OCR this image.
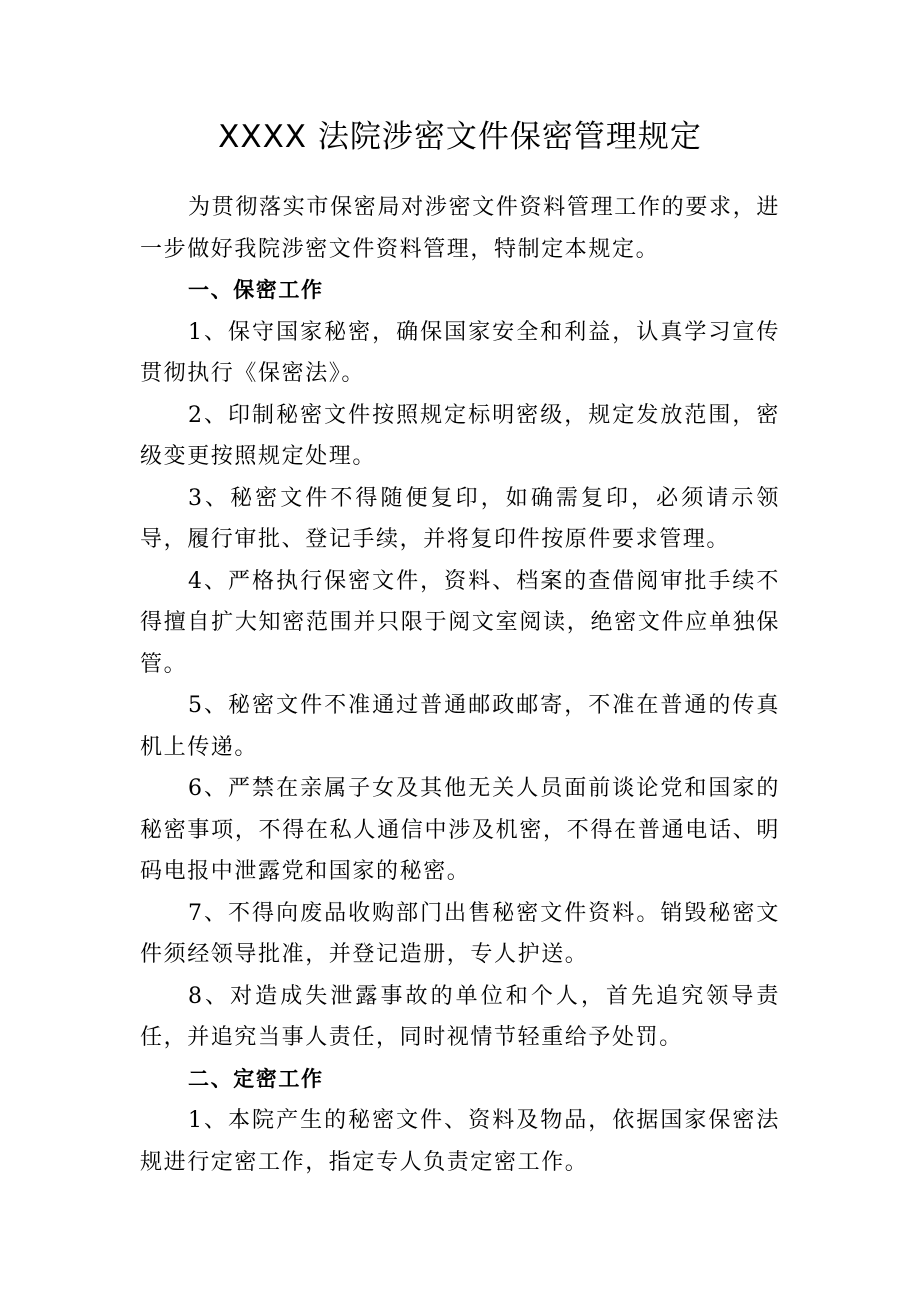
XXXX 法院涉密文件保密管理规定

为贯彻落实市保密局对涉密文件资料管理工作的要求，进一步做好我院涉密文件资料管理，特制定本规定。

一、保密工作

1、保守国家秘密，确保国家安全和利益，认真学习宣传贯彻执行《保密法》。

2、印制秘密文件按照规定标明密级，规定发放范围，密级变更按照规定处理。

3、秘密文件不得随便复印，如确需复印，必须请示领导，履行审批、登记手续，并将复印件按原件要求管理。

4、严格执行保密文件，资料、档案的查借阅审批手续不得擅自扩大知密范围并只限于阅文室阅读，绝密文件应单独保管。

5、秘密文件不准通过普通邮政邮寄，不准在普通的传真机上传递。

6、严禁在亲属子女及其他无关人员面前谈论党和国家的秘密事项，不得在私人通信中涉及机密，不得在普通电话、明码电报中泄露党和国家的秘密。

7、不得向废品收购部门出售秘密文件资料。销毁秘密文件须经领导批准，并登记造册，专人护送。

8、对造成失泄露事故的单位和个人，首先追究领导责任，并追究当事人责任，同时视情节轻重给予处罚。

二、定密工作

1、本院产生的秘密文件、资料及物品，依据国家保密法规进行定密工作，指定专人负责定密工作。
